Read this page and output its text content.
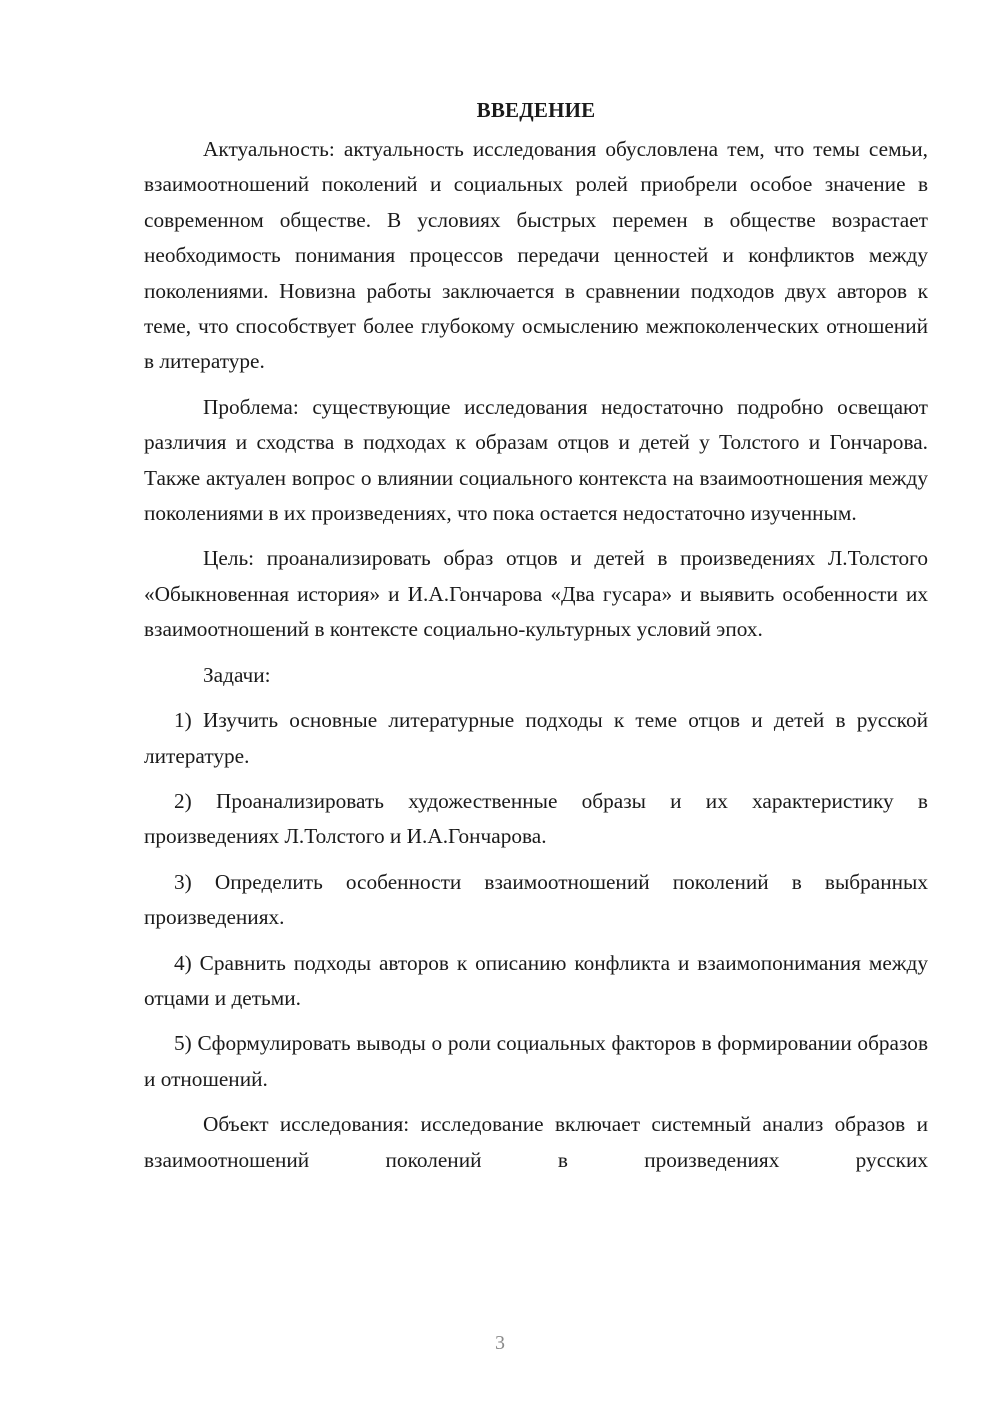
ВВЕДЕНИЕ

Актуальность: актуальность исследования обусловлена тем, что темы семьи, взаимоотношений поколений и социальных ролей приобрели особое значение в современном обществе. В условиях быстрых перемен в обществе возрастает необходимость понимания процессов передачи ценностей и конфликтов между поколениями. Новизна работы заключается в сравнении подходов двух авторов к теме, что способствует более глубокому осмыслению межпоколенческих отношений в литературе.

Проблема: существующие исследования недостаточно подробно освещают различия и сходства в подходах к образам отцов и детей у Толстого и Гончарова. Также актуален вопрос о влиянии социального контекста на взаимоотношения между поколениями в их произведениях, что пока остается недостаточно изученным.

Цель: проанализировать образ отцов и детей в произведениях Л.Толстого «Обыкновенная история» и И.А.Гончарова «Два гусара» и выявить особенности их взаимоотношений в контексте социально-культурных условий эпох.

Задачи:

1) Изучить основные литературные подходы к теме отцов и детей в русской литературе.

2) Проанализировать художественные образы и их характеристику в произведениях Л.Толстого и И.А.Гончарова.

3) Определить особенности взаимоотношений поколений в выбранных произведениях.

4) Сравнить подходы авторов к описанию конфликта и взаимопонимания между отцами и детьми.

5) Сформулировать выводы о роли социальных факторов в формировании образов и отношений.

Объект исследования: исследование включает системный анализ образов и взаимоотношений поколений в произведениях русских

3
